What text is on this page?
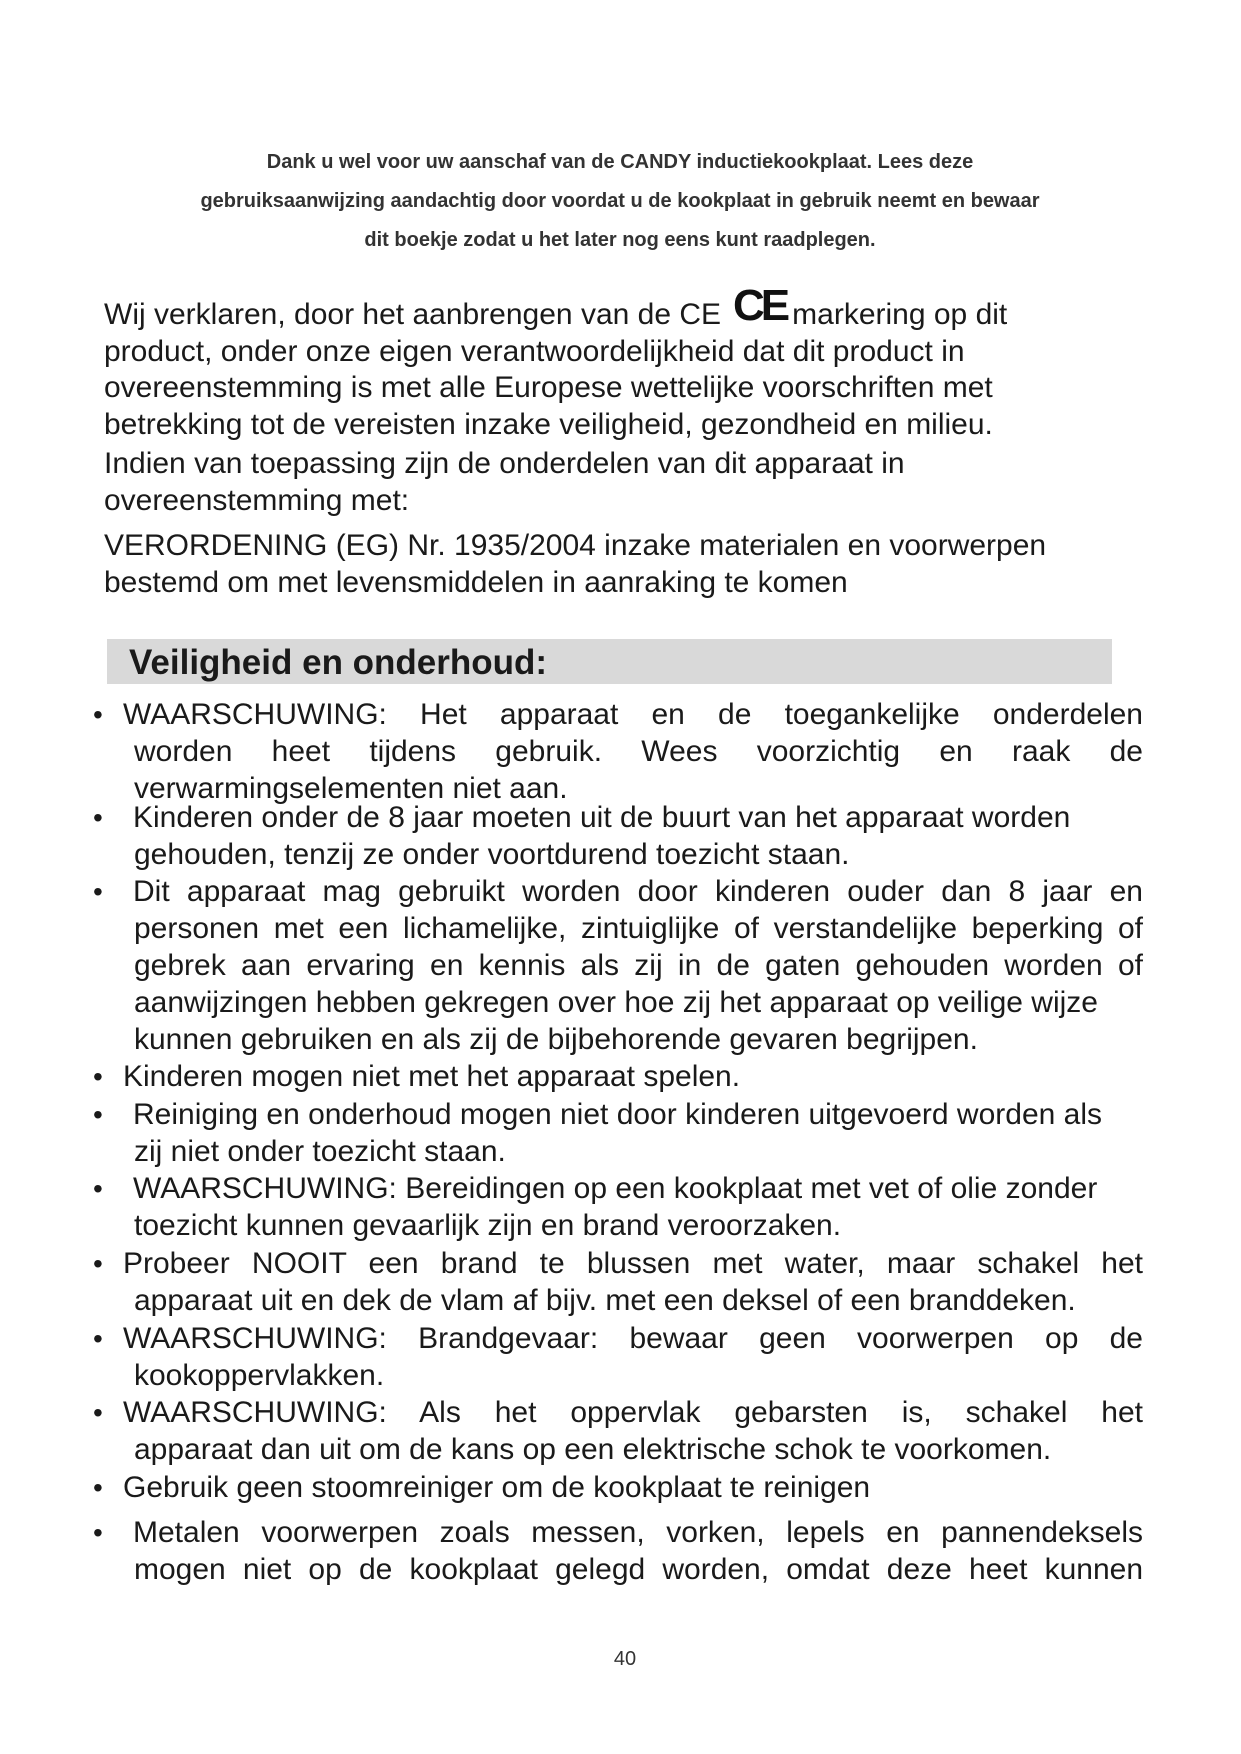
Dank u wel voor uw aanschaf van de CANDY inductiekookplaat. Lees deze
gebruiksaanwijzing aandachtig door voordat u de kookplaat in gebruik neemt en bewaar
dit boekje zodat u het later nog eens kunt raadplegen.
Wij verklaren, door het aanbrengen van de CE CE markering op dit
product, onder onze eigen verantwoordelijkheid dat dit product in
overeenstemming is met alle Europese wettelijke voorschriften met
betrekking tot de vereisten inzake veiligheid, gezondheid en milieu.
Indien van toepassing zijn de onderdelen van dit apparaat in
overeenstemming met:
VERORDENING (EG) Nr. 1935/2004 inzake materialen en voorwerpen
bestemd om met levensmiddelen in aanraking te komen
Veiligheid en onderhoud:
• WAARSCHUWING: Het apparaat en de toegankelijke onderdelen
worden heet tijdens gebruik. Wees voorzichtig en raak de
verwarmingselementen niet aan.
• Kinderen onder de 8 jaar moeten uit de buurt van het apparaat worden
gehouden, tenzij ze onder voortdurend toezicht staan.
• Dit apparaat mag gebruikt worden door kinderen ouder dan 8 jaar en
personen met een lichamelijke, zintuiglijke of verstandelijke beperking of
gebrek aan ervaring en kennis als zij in de gaten gehouden worden of
aanwijzingen hebben gekregen over hoe zij het apparaat op veilige wijze
kunnen gebruiken en als zij de bijbehorende gevaren begrijpen.
• Kinderen mogen niet met het apparaat spelen.
• Reiniging en onderhoud mogen niet door kinderen uitgevoerd worden als
zij niet onder toezicht staan.
• WAARSCHUWING: Bereidingen op een kookplaat met vet of olie zonder
toezicht kunnen gevaarlijk zijn en brand veroorzaken.
• Probeer NOOIT een brand te blussen met water, maar schakel het
apparaat uit en dek de vlam af bijv. met een deksel of een branddeken.
• WAARSCHUWING: Brandgevaar: bewaar geen voorwerpen op de
kookoppervlakken.
• WAARSCHUWING: Als het oppervlak gebarsten is, schakel het
apparaat dan uit om de kans op een elektrische schok te voorkomen.
• Gebruik geen stoomreiniger om de kookplaat te reinigen
• Metalen voorwerpen zoals messen, vorken, lepels en pannendeksels
mogen niet op de kookplaat gelegd worden, omdat deze heet kunnen
40
